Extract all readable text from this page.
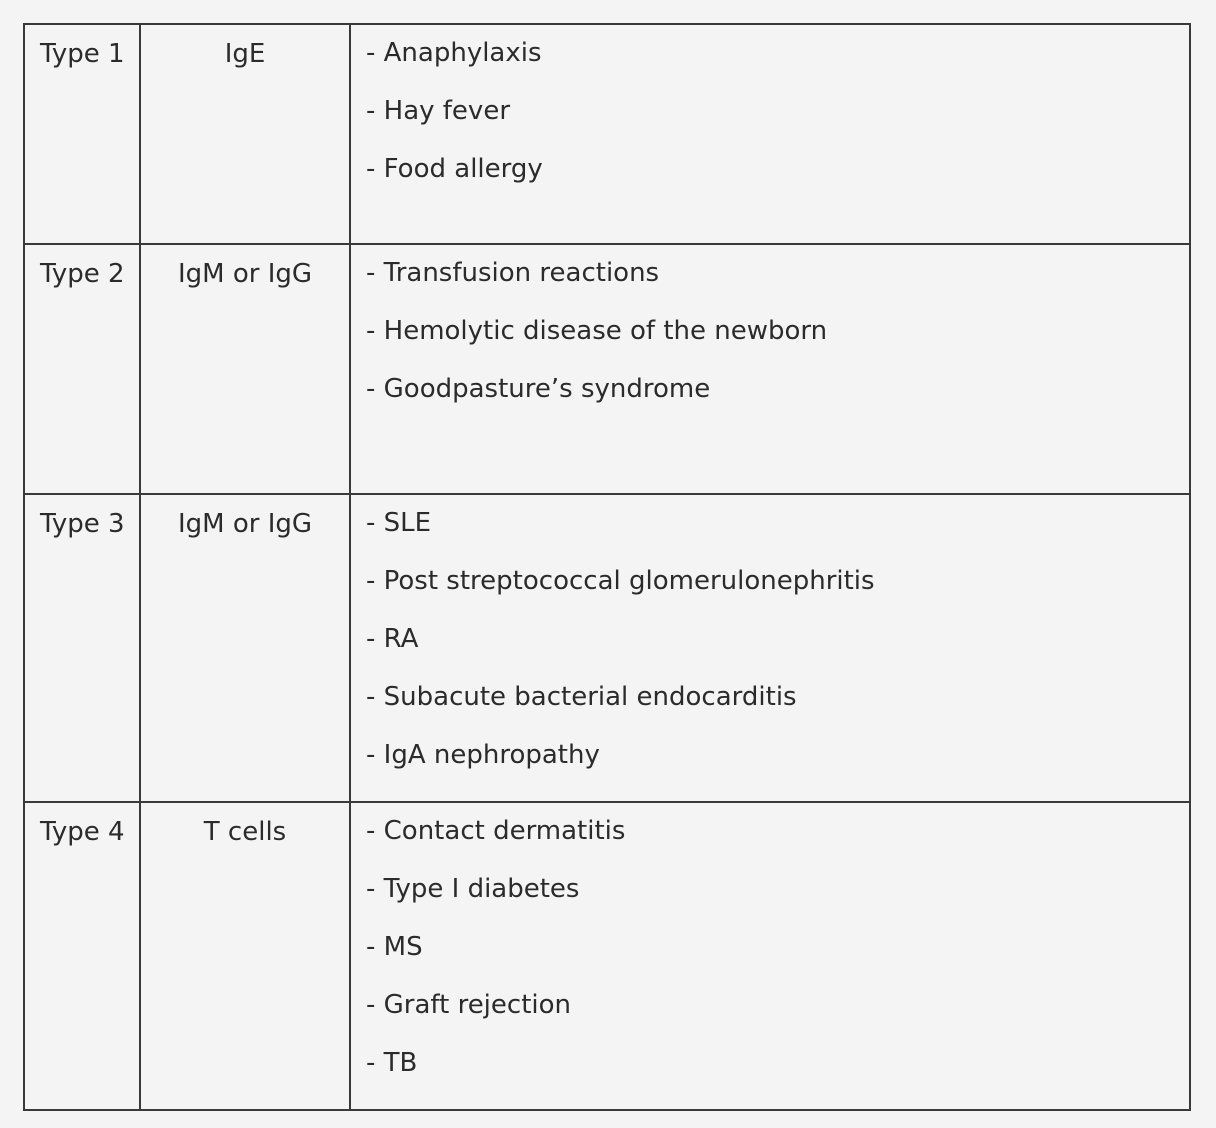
Type 1	IgE	- Anaphylaxis
- Hay fever
- Food allergy

Type 2	IgM or IgG	- Transfusion reactions
- Hemolytic disease of the newborn
- Goodpasture’s syndrome

Type 3	IgM or IgG	- SLE
- Post streptococcal glomerulonephritis
- RA
- Subacute bacterial endocarditis
- IgA nephropathy

Type 4	T cells	- Contact dermatitis
- Type I diabetes
- MS
- Graft rejection
- TB
